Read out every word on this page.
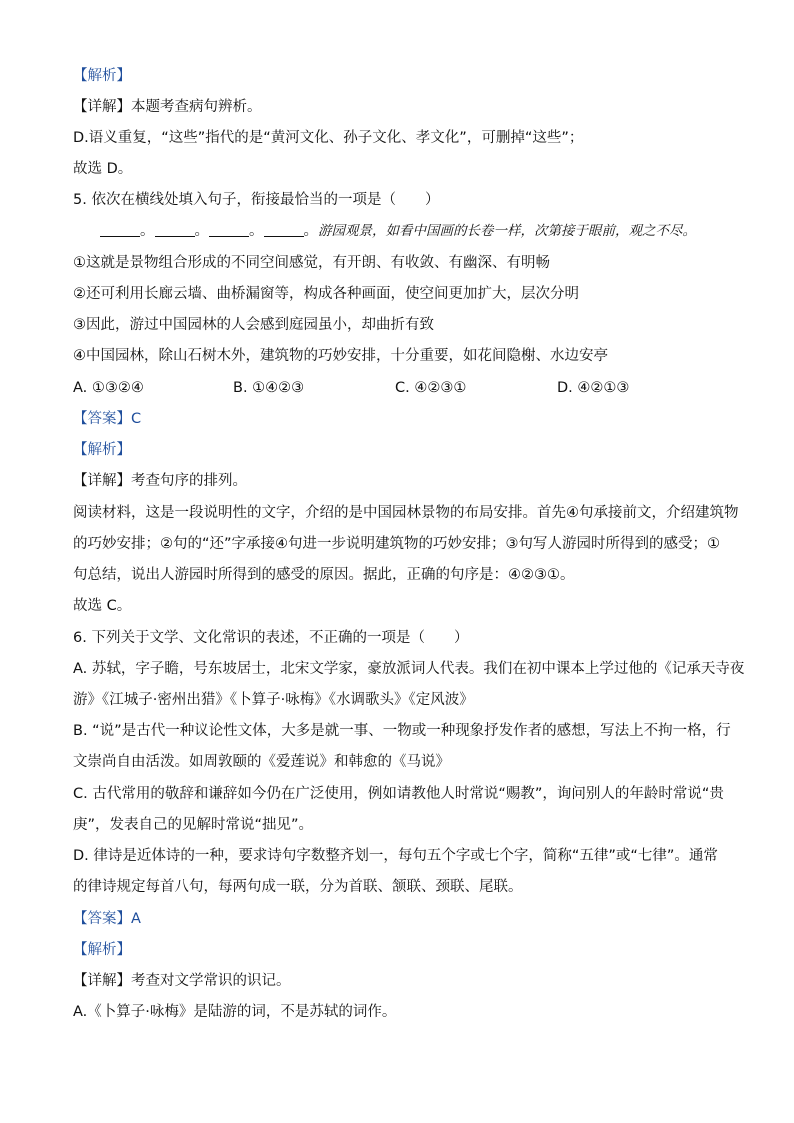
【解析】
【详解】本题考查病句辨析。
D.语义重复，“这些”指代的是“黄河文化、孙子文化、孝文化”，可删掉“这些”；
故选 D。
5. 依次在横线处填入句子，衔接最恰当的一项是（　　）
。	。	。	。游园观景，如看中国画的长卷一样，次第接于眼前，观之不尽。
①这就是景物组合形成的不同空间感觉，有开朗、有收敛、有幽深、有明畅
②还可利用长廊云墙、曲桥漏窗等，构成各种画面，使空间更加扩大，层次分明
③因此，游过中国园林的人会感到庭园虽小，却曲折有致
④中国园林，除山石树木外，建筑物的巧妙安排，十分重要，如花间隐榭、水边安亭
A. ①③②④	B. ①④②③	C. ④②③①	D. ④②①③
【答案】C
【解析】
【详解】考查句序的排列。
阅读材料，这是一段说明性的文字，介绍的是中国园林景物的布局安排。首先④句承接前文，介绍建筑物
的巧妙安排；②句的“还”字承接④句进一步说明建筑物的巧妙安排；③句写人游园时所得到的感受；①
句总结，说出人游园时所得到的感受的原因。据此，正确的句序是：④②③①。
故选 C。
6. 下列关于文学、文化常识的表述，不正确的一项是（　　）
A. 苏轼，字子瞻，号东坡居士，北宋文学家，豪放派词人代表。我们在初中课本上学过他的《记承天寺夜
游》《江城子·密州出猎》《卜算子·咏梅》《水调歌头》《定风波》
B. “说”是古代一种议论性文体，大多是就一事、一物或一种现象抒发作者的感想，写法上不拘一格，行
文崇尚自由活泼。如周敦颐的《爱莲说》和韩愈的《马说》
C. 古代常用的敬辞和谦辞如今仍在广泛使用，例如请教他人时常说“赐教”，询问别人的年龄时常说“贵
庚”，发表自己的见解时常说“拙见”。
D. 律诗是近体诗的一种，要求诗句字数整齐划一，每句五个字或七个字，简称“五律”或“七律”。通常
的律诗规定每首八句，每两句成一联，分为首联、颔联、颈联、尾联。
【答案】A
【解析】
【详解】考查对文学常识的识记。
A.《卜算子·咏梅》是陆游的词，不是苏轼的词作。
